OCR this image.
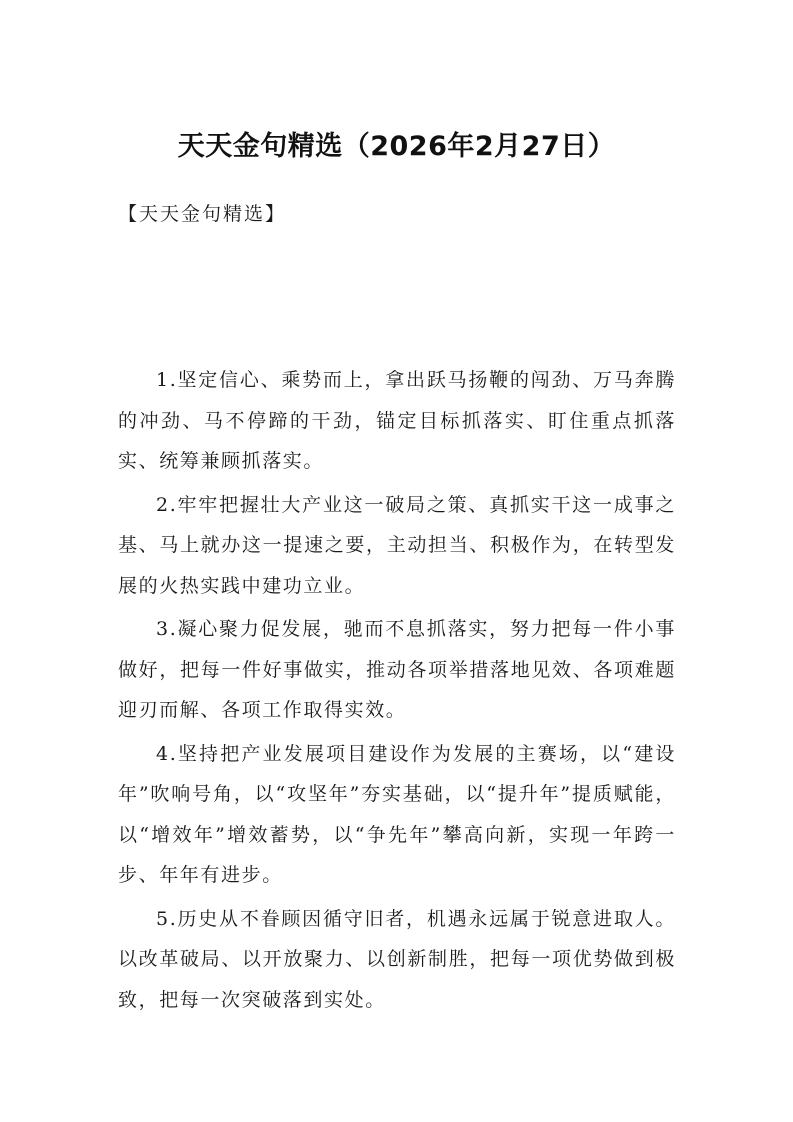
天天金句精选（2026年2月27日）

【天天金句精选】

1.坚定信心、乘势而上，拿出跃马扬鞭的闯劲、万马奔腾的冲劲、马不停蹄的干劲，锚定目标抓落实、盯住重点抓落实、统筹兼顾抓落实。

2.牢牢把握壮大产业这一破局之策、真抓实干这一成事之基、马上就办这一提速之要，主动担当、积极作为，在转型发展的火热实践中建功立业。

3.凝心聚力促发展，驰而不息抓落实，努力把每一件小事做好，把每一件好事做实，推动各项举措落地见效、各项难题迎刃而解、各项工作取得实效。

4.坚持把产业发展项目建设作为发展的主赛场，以“建设年”吹响号角，以“攻坚年”夯实基础，以“提升年”提质赋能，以“增效年”增效蓄势，以“争先年”攀高向新，实现一年跨一步、年年有进步。

5.历史从不眷顾因循守旧者，机遇永远属于锐意进取人。以改革破局、以开放聚力、以创新制胜，把每一项优势做到极致，把每一次突破落到实处。
